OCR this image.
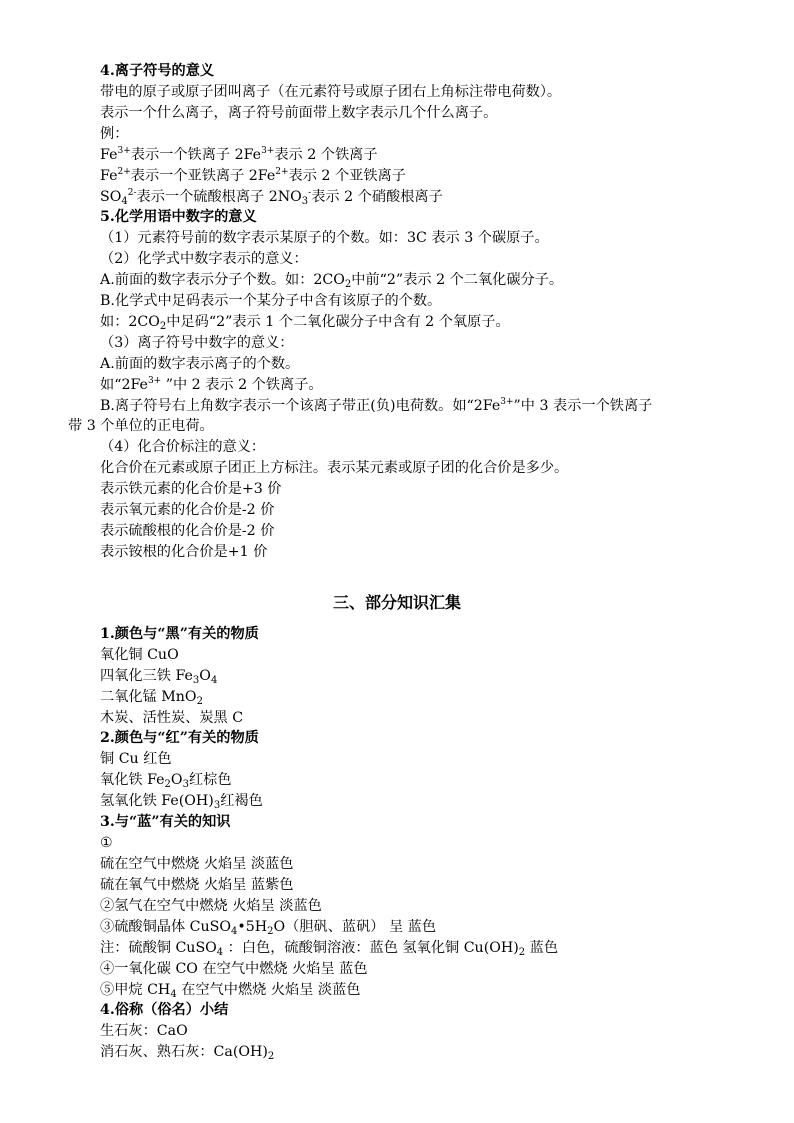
4.离子符号的意义
带电的原子或原子团叫离子（在元素符号或原子团右上角标注带电荷数）。
表示一个什么离子，离子符号前面带上数字表示几个什么离子。
例：
$Fe^{3+}$表示一个铁离子 $2Fe^{3+}$表示 2 个铁离子
$Fe^{2+}$表示一个亚铁离子 $2Fe^{2+}$表示 2 个亚铁离子
$SO_4^{2-}$表示一个硫酸根离子 $2NO_3^-$表示 2 个硝酸根离子
5.化学用语中数字的意义
（1）元素符号前的数字表示某原子的个数。如：3C 表示 3 个碳原子。
（2）化学式中数字表示的意义：
A.前面的数字表示分子个数。如：$2CO_2$中前“2”表示 2 个二氧化碳分子。
B.化学式中足码表示一个某分子中含有该原子的个数。
如：$2CO_2$中足码“2”表示 1 个二氧化碳分子中含有 2 个氧原子。
（3）离子符号中数字的意义：
A.前面的数字表示离子的个数。
如“$2Fe^{3+}$ ”中 2 表示 2 个铁离子。
B.离子符号右上角数字表示一个该离子带正(负)电荷数。如“$2Fe^{3+}$”中 3 表示一个铁离子
带 3 个单位的正电荷。
（4）化合价标注的意义：
化合价在元素或原子团正上方标注。表示某元素或原子团的化合价是多少。
表示铁元素的化合价是+3 价
表示氧元素的化合价是-2 价
表示硫酸根的化合价是-2 价
表示铵根的化合价是+1 价
三、部分知识汇集
1.颜色与“黑”有关的物质
氧化铜 CuO
四氧化三铁 $Fe_3O_4$
二氧化锰 MnO$_2$
木炭、活性炭、炭黑 C
2.颜色与“红”有关的物质
铜 Cu 红色
氧化铁 $Fe_2O_3$红棕色
氢氧化铁 $Fe(OH)_3$红褐色
3.与“蓝”有关的知识
①
硫在空气中燃烧 火焰呈 淡蓝色
硫在氧气中燃烧 火焰呈 蓝紫色
②氢气在空气中燃烧 火焰呈 淡蓝色
③硫酸铜晶体 $CuSO_4•5H_2O$（胆矾、蓝矾） 呈 蓝色
注：硫酸铜 CuSO$_4$ ：白色，硫酸铜溶液：蓝色 氢氧化铜 $Cu(OH)_2$ 蓝色
④一氧化碳 CO 在空气中燃烧 火焰呈 蓝色
⑤甲烷 $CH_4$ 在空气中燃烧 火焰呈 淡蓝色
4.俗称（俗名）小结
生石灰：CaO
消石灰、熟石灰：$Ca(OH)_2$
